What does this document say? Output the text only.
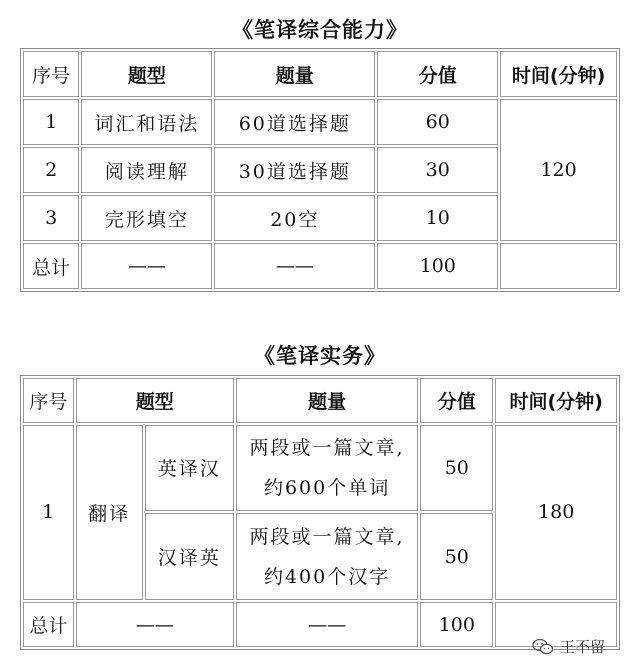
《笔译综合能力》
序号	题型	题量	分值	时间(分钟)
1	词汇和语法	60道选择题	60	120
2	阅读理解	30道选择题	30	
3	完形填空	20空	10	
总计	——	——	100	
《笔译实务》
序号	题型		题量	分值	时间(分钟)
1	翻译	英译汉	两段或一篇文章,
约600个单词	50	180
		汉译英	两段或一篇文章,
约400个汉字	50	
总计	——		——	100	
王不留
